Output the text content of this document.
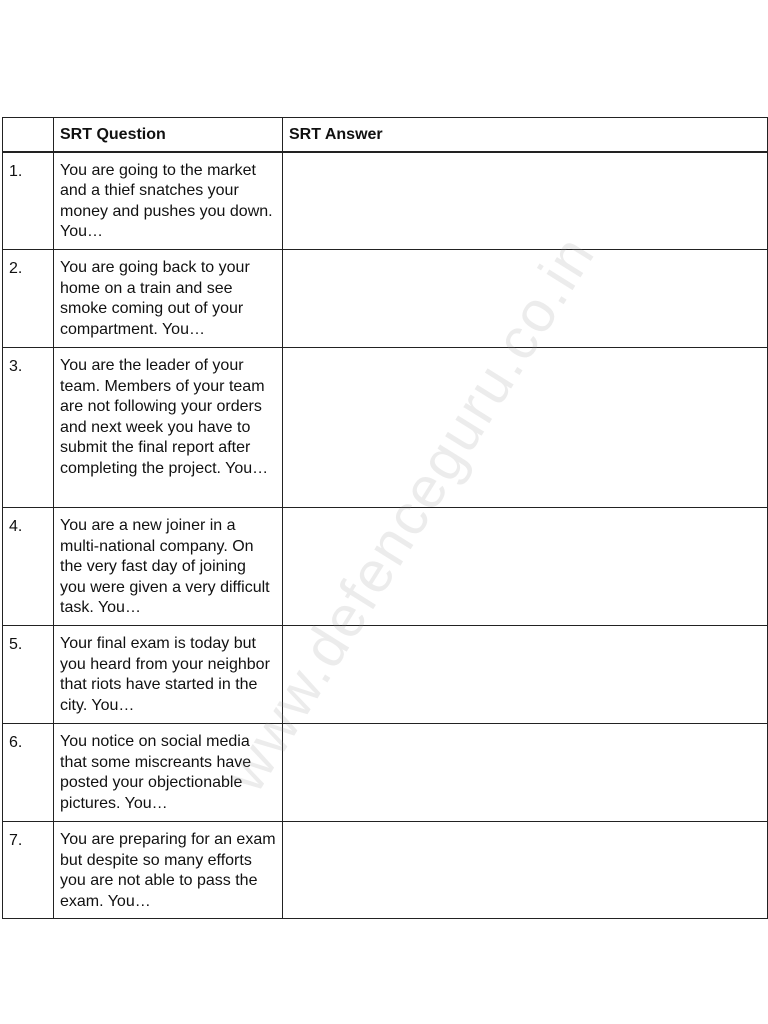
	SRT Question	SRT Answer
1.	You are going to the market and a thief snatches your money and pushes you down. You…	
2.	You are going back to your home on a train and see smoke coming out of your compartment. You…	
3.	You are the leader of your team. Members of your team are not following your orders and next week you have to submit the final report after completing the project. You…	
4.	You are a new joiner in a multi-national company. On the very fast day of joining you were given a very difficult task. You…	
5.	Your final exam is today but you heard from your neighbor that riots have started in the city. You…	
6.	You notice on social media that some miscreants have posted your objectionable pictures. You…	
7.	You are preparing for an exam but despite so many efforts you are not able to pass the exam. You…	
www.defenceguru.co.in
